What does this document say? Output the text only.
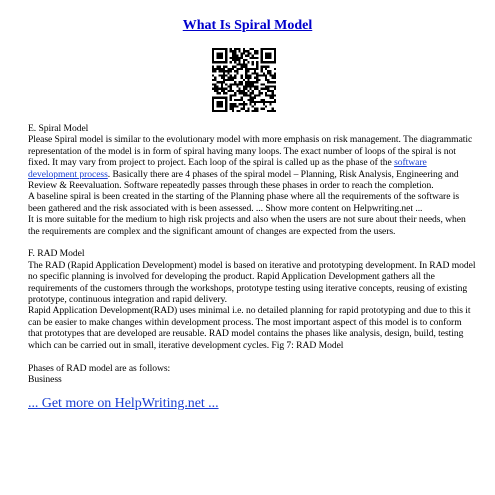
What Is Spiral Model

E. Spiral Model

Please Spiral model is similar to the evolutionary model with more emphasis on risk management. The diagrammatic representation of the model is in form of spiral having many loops. The exact number of loops of the spiral is not fixed. It may vary from project to project. Each loop of the spiral is called up as the phase of the software development process. Basically there are 4 phases of the spiral model – Planning, Risk Analysis, Engineering and Review & Reevaluation. Software repeatedly passes through these phases in order to reach the completion.

A baseline spiral is been created in the starting of the Planning phase where all the requirements of the software is been gathered and the risk associated with is been assessed. ... Show more content on Helpwriting.net ...

It is more suitable for the medium to high risk projects and also when the users are not sure about their needs, when the requirements are complex and the significant amount of changes are expected from the users.

F. RAD Model

The RAD (Rapid Application Development) model is based on iterative and prototyping development. In RAD model no specific planning is involved for developing the product. Rapid Application Development gathers all the requirements of the customers through the workshops, prototype testing using iterative concepts, reusing of existing prototype, continuous integration and rapid delivery.

Rapid Application Development(RAD) uses minimal i.e. no detailed planning for rapid prototyping and due to this it can be easier to make changes within development process. The most important aspect of this model is to conform that prototypes that are developed are reusable. RAD model contains the phases like analysis, design, build, testing which can be carried out in small, iterative development cycles. Fig 7: RAD Model

Phases of RAD model are as follows:

Business

... Get more on HelpWriting.net ...
